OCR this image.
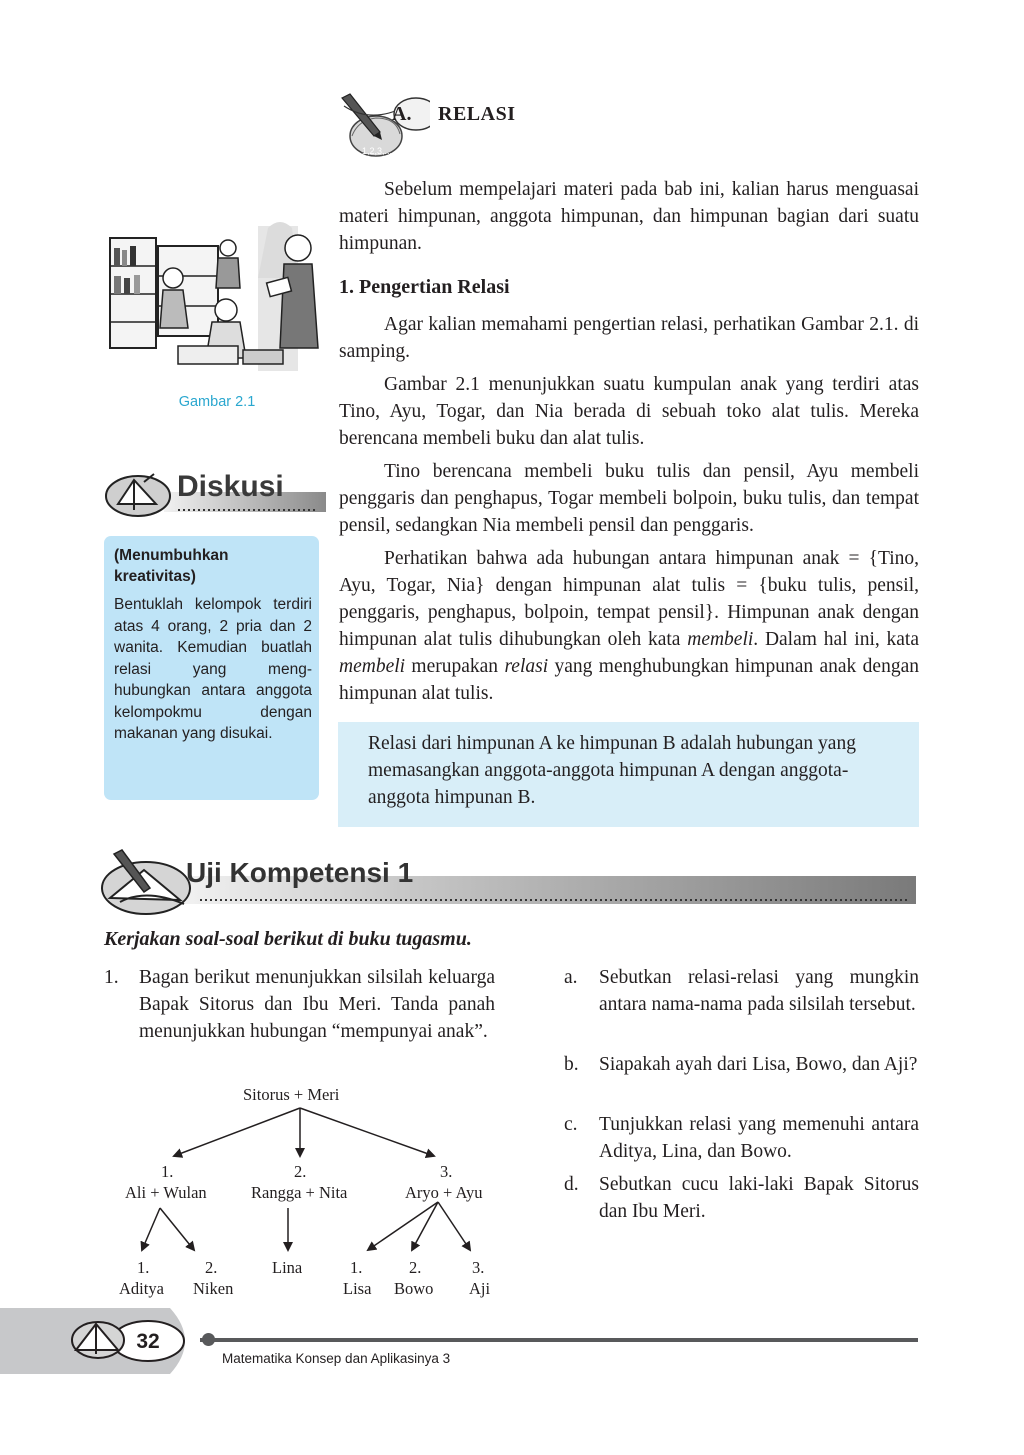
1,2,3,....
A. RELASI

Sebelum mempelajari materi pada bab ini, kalian harus menguasai materi himpunan, anggota himpunan, dan himpunan bagian dari suatu himpunan.

1. Pengertian Relasi

Agar kalian memahami pengertian relasi, perhatikan Gambar 2.1. di samping.

Gambar 2.1 menunjukkan suatu kumpulan anak yang terdiri atas Tino, Ayu, Togar, dan Nia berada di sebuah toko alat tulis. Mereka berencana membeli buku dan alat tulis.

Tino berencana membeli buku tulis dan pensil, Ayu membeli penggaris dan penghapus, Togar membeli bolpoin, buku tulis, dan tempat pensil, sedangkan Nia membeli pensil dan penggaris.

Perhatikan bahwa ada hubungan antara himpunan anak = {Tino, Ayu, Togar, Nia} dengan himpunan alat tulis = {buku tulis, pensil, penggaris, penghapus, bolpoin, tempat pensil}. Himpunan anak dengan himpunan alat tulis dihubungkan oleh kata membeli. Dalam hal ini, kata membeli merupakan relasi yang menghubungkan himpunan anak dengan himpunan alat tulis.

Relasi dari himpunan A ke himpunan B adalah hubungan yang memasangkan anggota-anggota himpunan A dengan anggota-anggota himpunan B.
Gambar 2.1
Diskusi
(Menumbuhkan kreativitas)
Bentuklah kelompok terdiri atas 4 orang, 2 pria dan 2 wanita. Kemudian buatlah relasi yang meng-hubungkan antara anggota kelompokmu dengan makanan yang disukai.
Uji Kompetensi 1
Kerjakan soal-soal berikut di buku tugasmu.
1. Bagan berikut menunjukkan silsilah keluarga Bapak Sitorus dan Ibu Meri. Tanda panah menunjukkan hubungan “mempunyai anak”.
Sitorus + Meri
1.
Ali + Wulan
2.
Rangga + Nita
3.
Aryo + Ayu
1.
Aditya
2.
Niken
Lina	1.
Lisa
2.
Bowo
3.
Aji
a. Sebutkan relasi-relasi yang mungkin antara nama-nama pada silsilah tersebut.
b. Siapakah ayah dari Lisa, Bowo, dan Aji?
c. Tunjukkan relasi yang memenuhi antara Aditya, Lina, dan Bowo.
d. Sebutkan cucu laki-laki Bapak Sitorus dan Ibu Meri.
32
Matematika Konsep dan Aplikasinya 3
